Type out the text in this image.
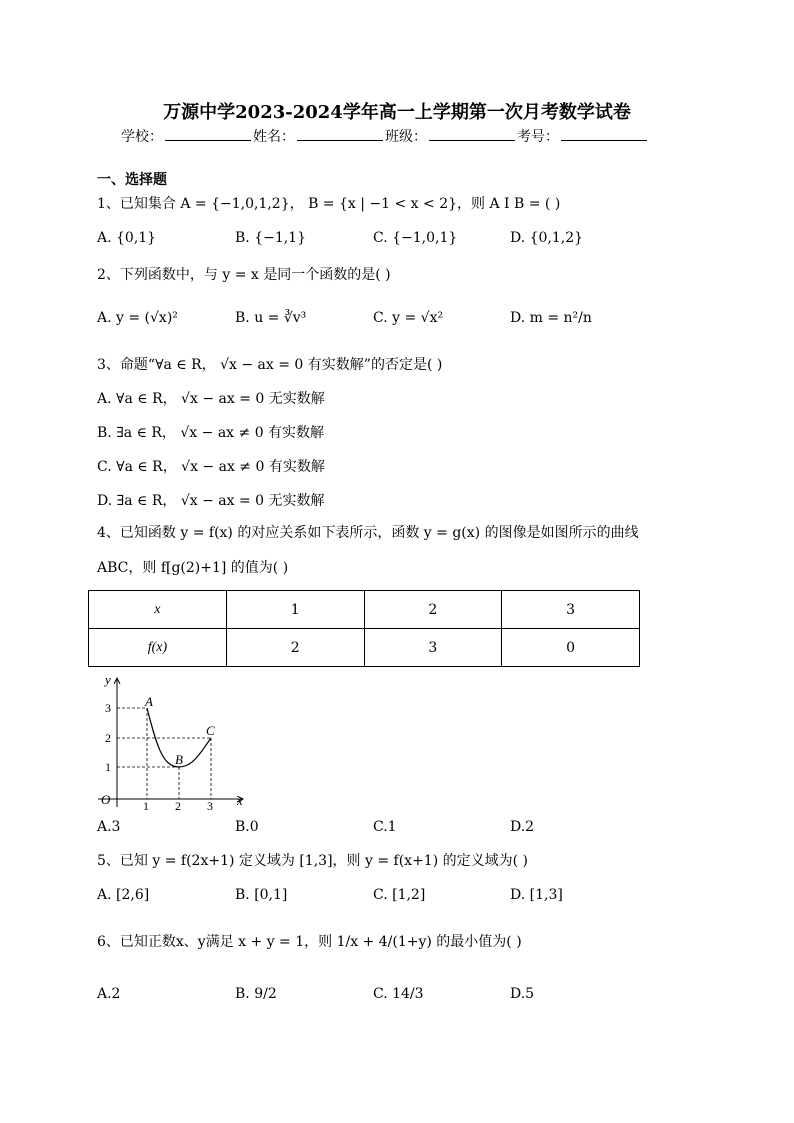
万源中学2023-2024学年高一上学期第一次月考数学试卷
学校：	姓名：	班级：	考号：
一、选择题
1、已知集合 A = {−1,0,1,2}， B = {x | −1 < x < 2}，则 A I B = ( )
A. {0,1}	B. {−1,1}	C. {−1,0,1}	D. {0,1,2}
2、下列函数中，与 y = x 是同一个函数的是( )
A. y = (√x)²	B. u = ∛v³	C. y = √x²	D. m = n²/n
3、命题“∀a ∈ R， √x − ax = 0 有实数解”的否定是( )
A. ∀a ∈ R， √x − ax = 0 无实数解
B. ∃a ∈ R， √x − ax ≠ 0 有实数解
C. ∀a ∈ R， √x − ax ≠ 0 有实数解
D. ∃a ∈ R， √x − ax = 0 无实数解
4、已知函数 y = f(x) 的对应关系如下表所示，函数 y = g(x) 的图像是如图所示的曲线
ABC，则 f[g(2)+1] 的值为( )
x	1	2	3
f(x)	2	3	0
y
x
O	1 2 3
1
2
3	A
B
C
A.3	B.0	C.1	D.2
5、已知 y = f(2x+1) 定义域为 [1,3]，则 y = f(x+1) 的定义域为( )
A. [2,6]	B. [0,1]	C. [1,2]	D. [1,3]
6、已知正数x、y满足 x + y = 1，则 1/x + 4/(1+y) 的最小值为( )
A.2	B. 9/2	C. 14/3	D.5
